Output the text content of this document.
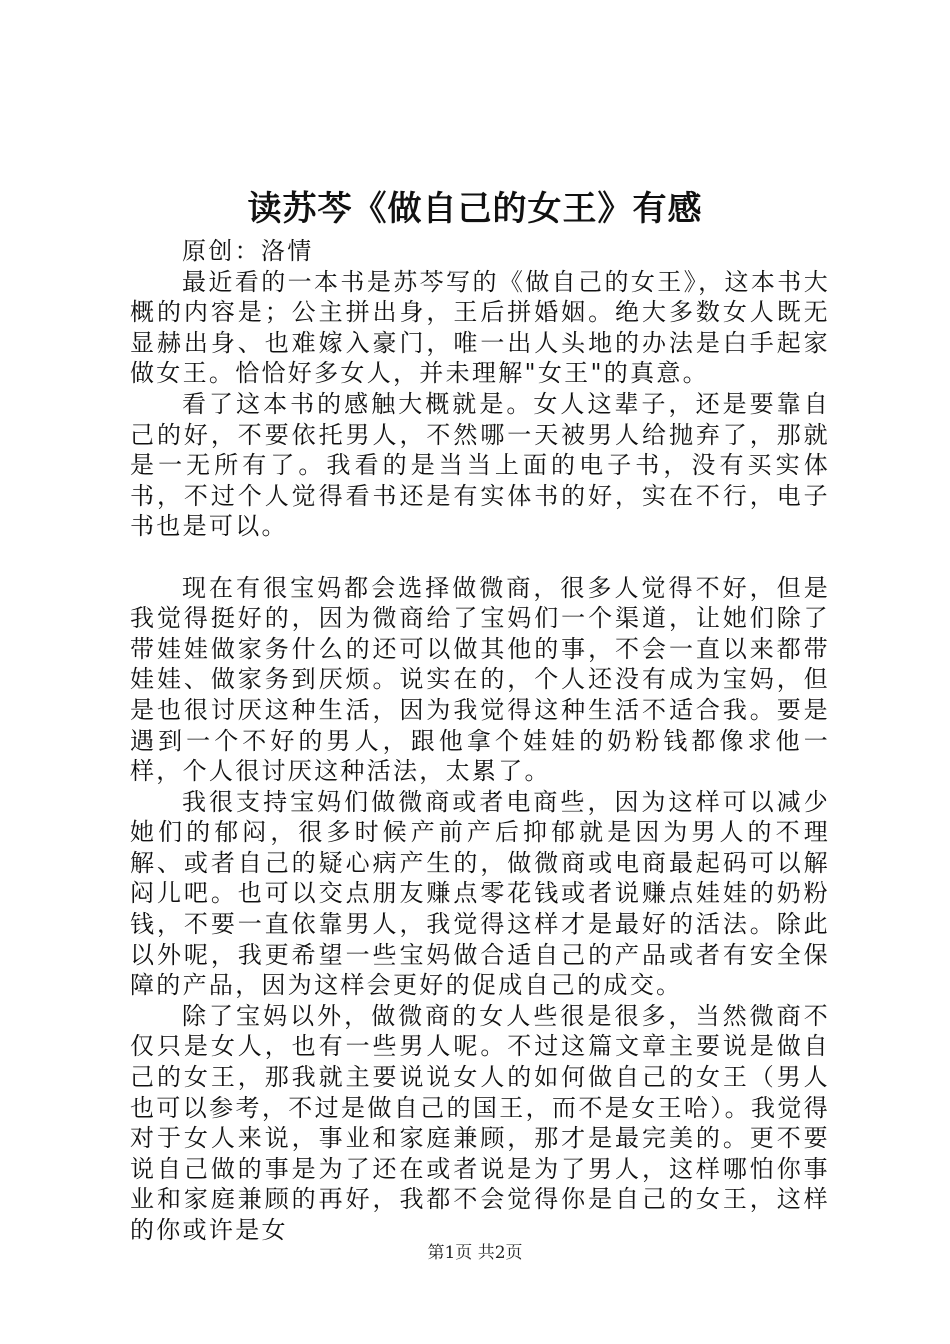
读苏芩《做自己的女王》有感

原创：洛情

最近看的一本书是苏芩写的《做自己的女王》，这本书大概的内容是；公主拼出身，王后拼婚姻。绝大多数女人既无显赫出身、也难嫁入豪门，唯一出人头地的办法是白手起家做女王。恰恰好多女人，并未理解"女王"的真意。

看了这本书的感触大概就是。女人这辈子，还是要靠自己的好，不要依托男人，不然哪一天被男人给抛弃了，那就是一无所有了。我看的是当当上面的电子书，没有买实体书，不过个人觉得看书还是有实体书的好，实在不行，电子书也是可以。

现在有很宝妈都会选择做微商，很多人觉得不好，但是我觉得挺好的，因为微商给了宝妈们一个渠道，让她们除了带娃娃做家务什么的还可以做其他的事，不会一直以来都带娃娃、做家务到厌烦。说实在的，个人还没有成为宝妈，但是也很讨厌这种生活，因为我觉得这种生活不适合我。要是遇到一个不好的男人，跟他拿个娃娃的奶粉钱都像求他一样，个人很讨厌这种活法，太累了。

我很支持宝妈们做微商或者电商些，因为这样可以减少她们的郁闷，很多时候产前产后抑郁就是因为男人的不理解、或者自己的疑心病产生的，做微商或电商最起码可以解闷儿吧。也可以交点朋友赚点零花钱或者说赚点娃娃的奶粉钱，不要一直依靠男人，我觉得这样才是最好的活法。除此以外呢，我更希望一些宝妈做合适自己的产品或者有安全保障的产品，因为这样会更好的促成自己的成交。

除了宝妈以外，做微商的女人些很是很多，当然微商不仅只是女人，也有一些男人呢。不过这篇文章主要说是做自己的女王，那我就主要说说女人的如何做自己的女王（男人也可以参考，不过是做自己的国王，而不是女王哈）。我觉得对于女人来说，事业和家庭兼顾，那才是最完美的。更不要说自己做的事是为了还在或者说是为了男人，这样哪怕你事业和家庭兼顾的再好，我都不会觉得你是自己的女王，这样的你或许是女

第1页 共2页
